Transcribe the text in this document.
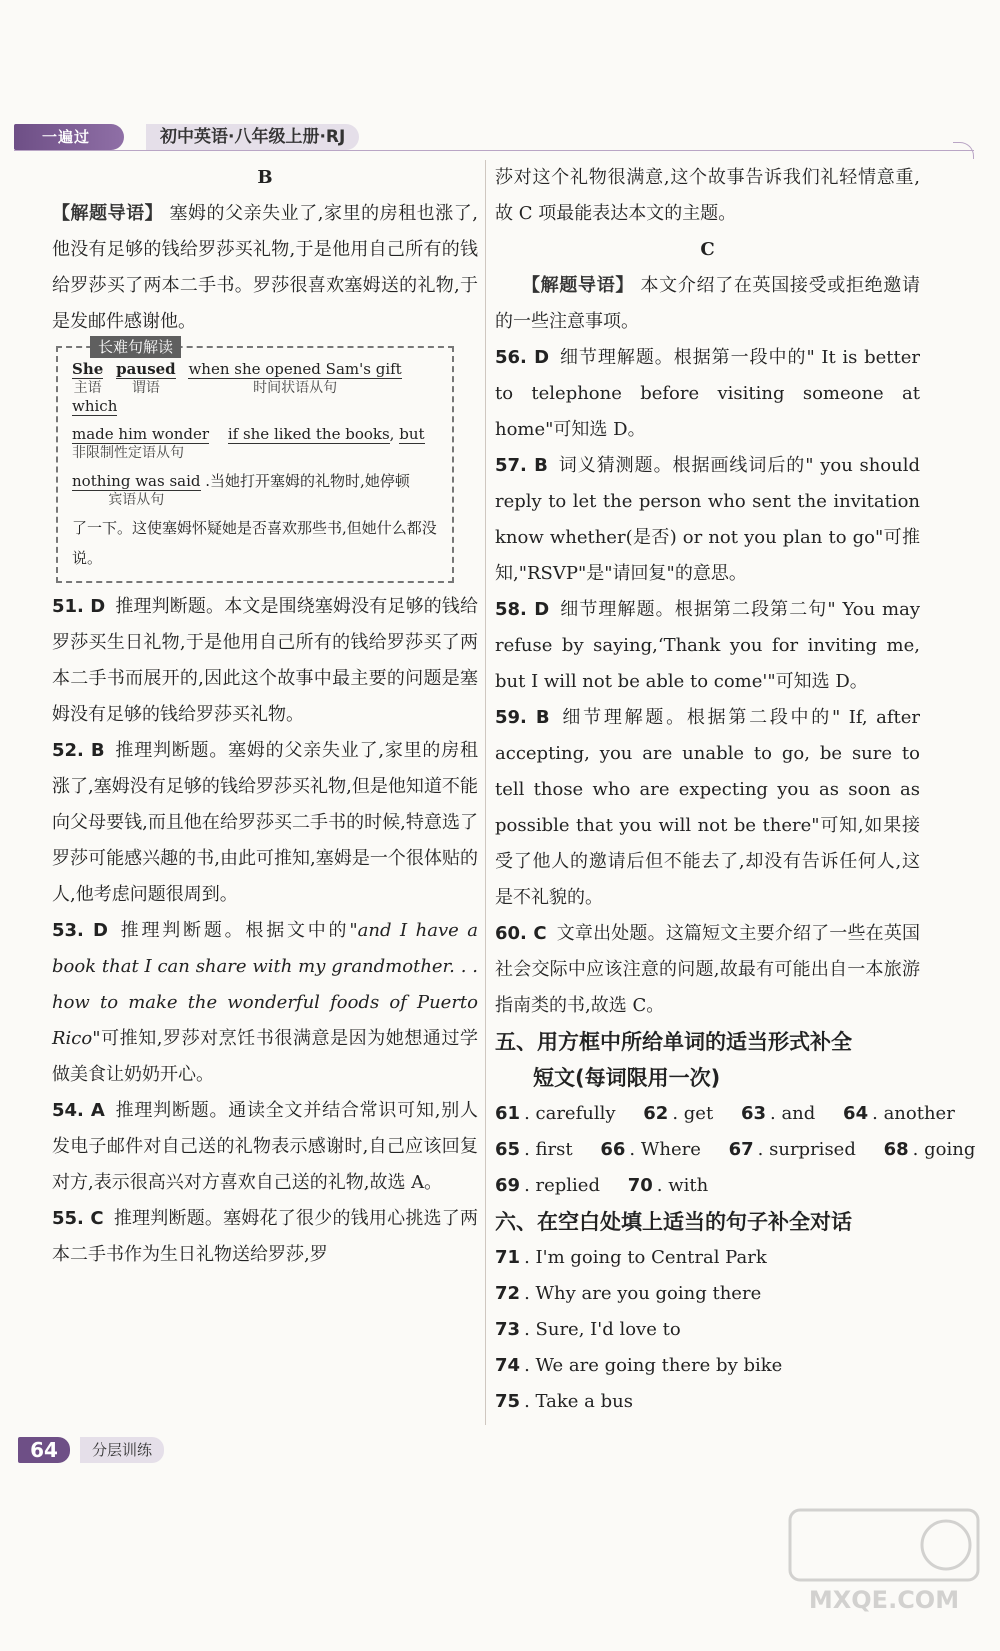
一遍过	初中英语·八年级上册·RJ
B

【解题导语】 塞姆的父亲失业了,家里的房租也涨了,他没有足够的钱给罗莎买礼物,于是他用自己所有的钱给罗莎买了两本二手书。罗莎很喜欢塞姆送的礼物,于是发邮件感谢他。

长难句解读
She
主语 paused
谓语 when she opened Sam's gift
时间状语从句 which
made him wonder
非限制性定语从句 if she liked the books, but
nothing was said
宾语从句 .当她打开塞姆的礼物时,她停顿
了一下。这使塞姆怀疑她是否喜欢那些书,但她什么都没说。

51. D 推理判断题。本文是围绕塞姆没有足够的钱给罗莎买生日礼物,于是他用自己所有的钱给罗莎买了两本二手书而展开的,因此这个故事中最主要的问题是塞姆没有足够的钱给罗莎买礼物。

52. B 推理判断题。塞姆的父亲失业了,家里的房租涨了,塞姆没有足够的钱给罗莎买礼物,但是他知道不能向父母要钱,而且他在给罗莎买二手书的时候,特意选了罗莎可能感兴趣的书,由此可推知,塞姆是一个很体贴的人,他考虑问题很周到。

53. D 推理判断题。根据文中的"and I have a book that I can share with my grandmother. . . how to make the wonderful foods of Puerto Rico"可推知,罗莎对烹饪书很满意是因为她想通过学做美食让奶奶开心。

54. A 推理判断题。通读全文并结合常识可知,别人发电子邮件对自己送的礼物表示感谢时,自己应该回复对方,表示很高兴对方喜欢自己送的礼物,故选 A。

55. C 推理判断题。塞姆花了很少的钱用心挑选了两本二手书作为生日礼物送给罗莎,罗

莎对这个礼物很满意,这个故事告诉我们礼轻情意重,故 C 项最能表达本文的主题。

C

【解题导语】 本文介绍了在英国接受或拒绝邀请的一些注意事项。

56. D 细节理解题。根据第一段中的" It is better to telephone before visiting someone at home"可知选 D。

57. B 词义猜测题。根据画线词后的" you should reply to let the person who sent the invitation know whether(是否) or not you plan to go"可推知,"RSVP"是"请回复"的意思。

58. D 细节理解题。根据第二段第二句" You may refuse by saying,‘Thank you for inviting me, but I will not be able to come'"可知选 D。

59. B 细节理解题。根据第二段中的" If, after accepting, you are unable to go, be sure to tell those who are expecting you as soon as possible that you will not be there"可知,如果接受了他人的邀请后但不能去了,却没有告诉任何人,这是不礼貌的。

60. C 文章出处题。这篇短文主要介绍了一些在英国社会交际中应该注意的问题,故最有可能出自一本旅游指南类的书,故选 C。

五、用方框中所给单词的适当形式补全

短文(每词限用一次)

61 . carefully 62 . get 63 . and 64 . another
65 . first 66 . Where 67 . surprised 68 . going
69 . replied 70 . with

六、在空白处填上适当的句子补全对话

71 . I'm going to Central Park
72 . Why are you going there
73 . Sure, I'd love to
74 . We are going there by bike
75 . Take a bus
64	分层训练
MXQE.COM
